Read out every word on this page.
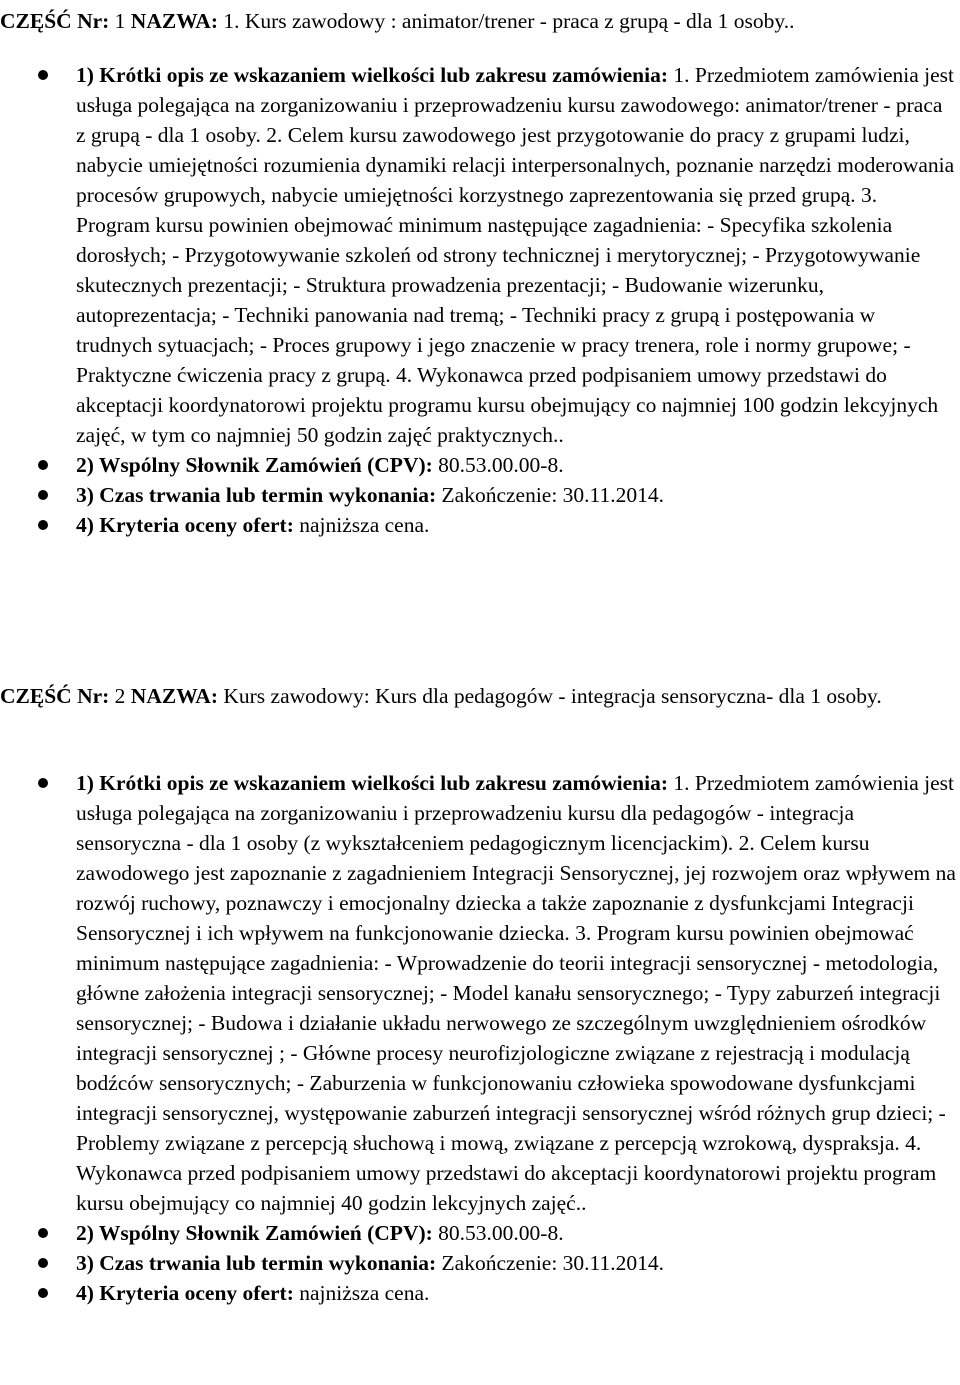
CZĘŚĆ Nr: 1 NAZWA: 1. Kurs zawodowy : animator/trener - praca z grupą - dla 1 osoby..

1) Krótki opis ze wskazaniem wielkości lub zakresu zamówienia: 1. Przedmiotem zamówienia jest usługa polegająca na zorganizowaniu i przeprowadzeniu kursu zawodowego: animator/trener - praca z grupą - dla 1 osoby. 2. Celem kursu zawodowego jest przygotowanie do pracy z grupami ludzi, nabycie umiejętności rozumienia dynamiki relacji interpersonalnych, poznanie narzędzi moderowania procesów grupowych, nabycie umiejętności korzystnego zaprezentowania się przed grupą. 3. Program kursu powinien obejmować minimum następujące zagadnienia: - Specyfika szkolenia dorosłych; - Przygotowywanie szkoleń od strony technicznej i merytorycznej; - Przygotowywanie skutecznych prezentacji; - Struktura prowadzenia prezentacji; - Budowanie wizerunku, autoprezentacja; - Techniki panowania nad tremą; - Techniki pracy z grupą i postępowania w trudnych sytuacjach; - Proces grupowy i jego znaczenie w pracy trenera, role i normy grupowe; - Praktyczne ćwiczenia pracy z grupą. 4. Wykonawca przed podpisaniem umowy przedstawi do akceptacji koordynatorowi projektu programu kursu obejmujący co najmniej 100 godzin lekcyjnych zajęć, w tym co najmniej 50 godzin zajęć praktycznych..
2) Wspólny Słownik Zamówień (CPV): 80.53.00.00-8.
3) Czas trwania lub termin wykonania: Zakończenie: 30.11.2014.
4) Kryteria oceny ofert: najniższa cena.

CZĘŚĆ Nr: 2 NAZWA: Kurs zawodowy: Kurs dla pedagogów - integracja sensoryczna- dla 1 osoby.

1) Krótki opis ze wskazaniem wielkości lub zakresu zamówienia: 1. Przedmiotem zamówienia jest usługa polegająca na zorganizowaniu i przeprowadzeniu kursu dla pedagogów - integracja sensoryczna - dla 1 osoby (z wykształceniem pedagogicznym licencjackim). 2. Celem kursu zawodowego jest zapoznanie z zagadnieniem Integracji Sensorycznej, jej rozwojem oraz wpływem na rozwój ruchowy, poznawczy i emocjonalny dziecka a także zapoznanie z dysfunkcjami Integracji Sensorycznej i ich wpływem na funkcjonowanie dziecka. 3. Program kursu powinien obejmować minimum następujące zagadnienia: - Wprowadzenie do teorii integracji sensorycznej - metodologia, główne założenia integracji sensorycznej; - Model kanału sensorycznego; - Typy zaburzeń integracji sensorycznej; - Budowa i działanie układu nerwowego ze szczególnym uwzględnieniem ośrodków integracji sensorycznej ; - Główne procesy neurofizjologiczne związane z rejestracją i modulacją bodźców sensorycznych; - Zaburzenia w funkcjonowaniu człowieka spowodowane dysfunkcjami integracji sensorycznej, występowanie zaburzeń integracji sensorycznej wśród różnych grup dzieci; - Problemy związane z percepcją słuchową i mową, związane z percepcją wzrokową, dyspraksja. 4. Wykonawca przed podpisaniem umowy przedstawi do akceptacji koordynatorowi projektu program kursu obejmujący co najmniej 40 godzin lekcyjnych zajęć..
2) Wspólny Słownik Zamówień (CPV): 80.53.00.00-8.
3) Czas trwania lub termin wykonania: Zakończenie: 30.11.2014.
4) Kryteria oceny ofert: najniższa cena.
